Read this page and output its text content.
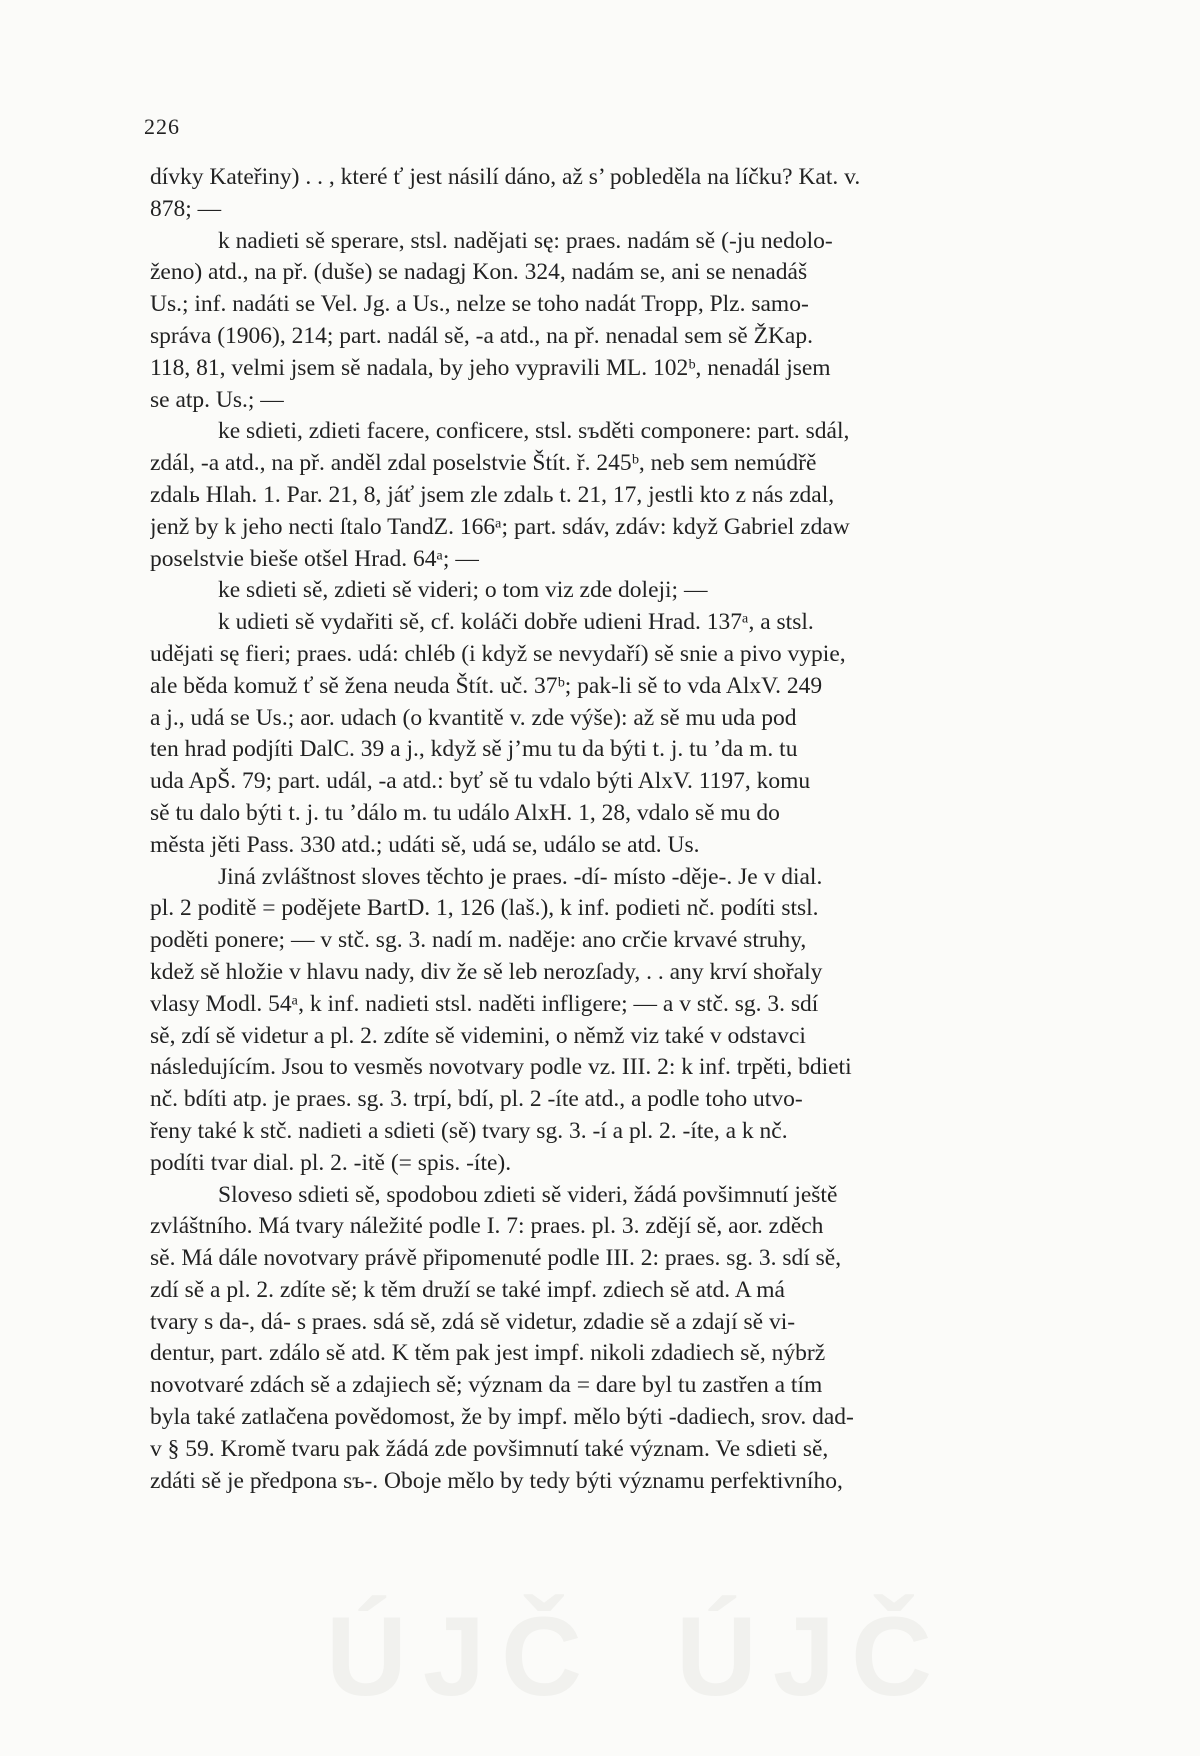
226
dívky Kateřiny) . . , které ť jest násilí dáno, až s’ pobleděla na líčku? Kat. v.
878; —
k nadieti sě sperare, stsl. nadějati sę: praes. nadám sě (-ju nedolo-
ženo) atd., na př. (duše) se nadagj Kon. 324, nadám se, ani se nenadáš
Us.; inf. nadáti se Vel. Jg. a Us., nelze se toho nadát Tropp, Plz. samo-
správa (1906), 214; part. nadál sě, -a atd., na př. nenadal sem sě ŽKap.
118, 81, velmi jsem sě nadala, by jeho vypravili ML. 102ᵇ, nenadál jsem
se atp. Us.; —
ke sdieti, zdieti facere, conficere, stsl. sъděti componere: part. sdál,
zdál, -a atd., na př. anděl zdal poselstvie Štít. ř. 245ᵇ, neb sem nemúdřě
zdalь Hlah. 1. Par. 21, 8, jáť jsem zle zdalь t. 21, 17, jestli kto z nás zdal,
jenž by k jeho necti ſtalo TandZ. 166ᵃ; part. sdáv, zdáv: když Gabriel zdaw
poselstvie bieše otšel Hrad. 64ᵃ; —
ke sdieti sě, zdieti sě videri; o tom viz zde doleji; —
k udieti sě vydařiti sě, cf. koláči dobře udieni Hrad. 137ᵃ, a stsl.
udějati sę fieri; praes. udá: chléb (i když se nevydaří) sě snie a pivo vypie,
ale běda komuž ť sě žena neuda Štít. uč. 37ᵇ; pak-li sě to vda AlxV. 249
a j., udá se Us.; aor. udach (o kvantitě v. zde výše): až sě mu uda pod
ten hrad podjíti DalC. 39 a j., když sě j’mu tu da býti t. j. tu ’da m. tu
uda ApŠ. 79; part. udál, -a atd.: byť sě tu vdalo býti AlxV. 1197, komu
sě tu dalo býti t. j. tu ’dálo m. tu událo AlxH. 1, 28, vdalo sě mu do
města jěti Pass. 330 atd.; udáti sě, udá se, událo se atd. Us.
Jiná zvláštnost sloves těchto je praes. -dí- místo -děje-. Je v dial.
pl. 2 poditě = podějete BartD. 1, 126 (laš.), k inf. podieti nč. podíti stsl.
poděti ponere; — v stč. sg. 3. nadí m. naděje: ano crčie krvavé struhy,
kdež sě hložie v hlavu nady, div že sě leb nerozſady, . . any krví shořaly
vlasy Modl. 54ᵃ, k inf. nadieti stsl. naděti infligere; — a v stč. sg. 3. sdí
sě, zdí sě videtur a pl. 2. zdíte sě videmini, o němž viz také v odstavci
následujícím. Jsou to vesměs novotvary podle vz. III. 2: k inf. trpěti, bdieti
nč. bdíti atp. je praes. sg. 3. trpí, bdí, pl. 2 -íte atd., a podle toho utvo-
řeny také k stč. nadieti a sdieti (sě) tvary sg. 3. -í a pl. 2. -íte, a k nč.
podíti tvar dial. pl. 2. -itě (= spis. -íte).
Sloveso sdieti sě, spodobou zdieti sě videri, žádá povšimnutí ještě
zvláštního. Má tvary náležité podle I. 7: praes. pl. 3. zdějí sě, aor. zděch
sě. Má dále novotvary právě připomenuté podle III. 2: praes. sg. 3. sdí sě,
zdí sě a pl. 2. zdíte sě; k těm druží se také impf. zdiech sě atd. A má
tvary s da-, dá- s praes. sdá sě, zdá sě videtur, zdadie sě a zdají sě vi-
dentur, part. zdálo sě atd. K těm pak jest impf. nikoli zdadiech sě, nýbrž
novotvaré zdách sě a zdajiech sě; význam da = dare byl tu zastřen a tím
byla také zatlačena povědomost, že by impf. mělo býti -dadiech, srov. dad-
v § 59. Kromě tvaru pak žádá zde povšimnutí také význam. Ve sdieti sě,
zdáti sě je předpona sъ-. Oboje mělo by tedy býti významu perfektivního,
ÚJČ ÚJČ
